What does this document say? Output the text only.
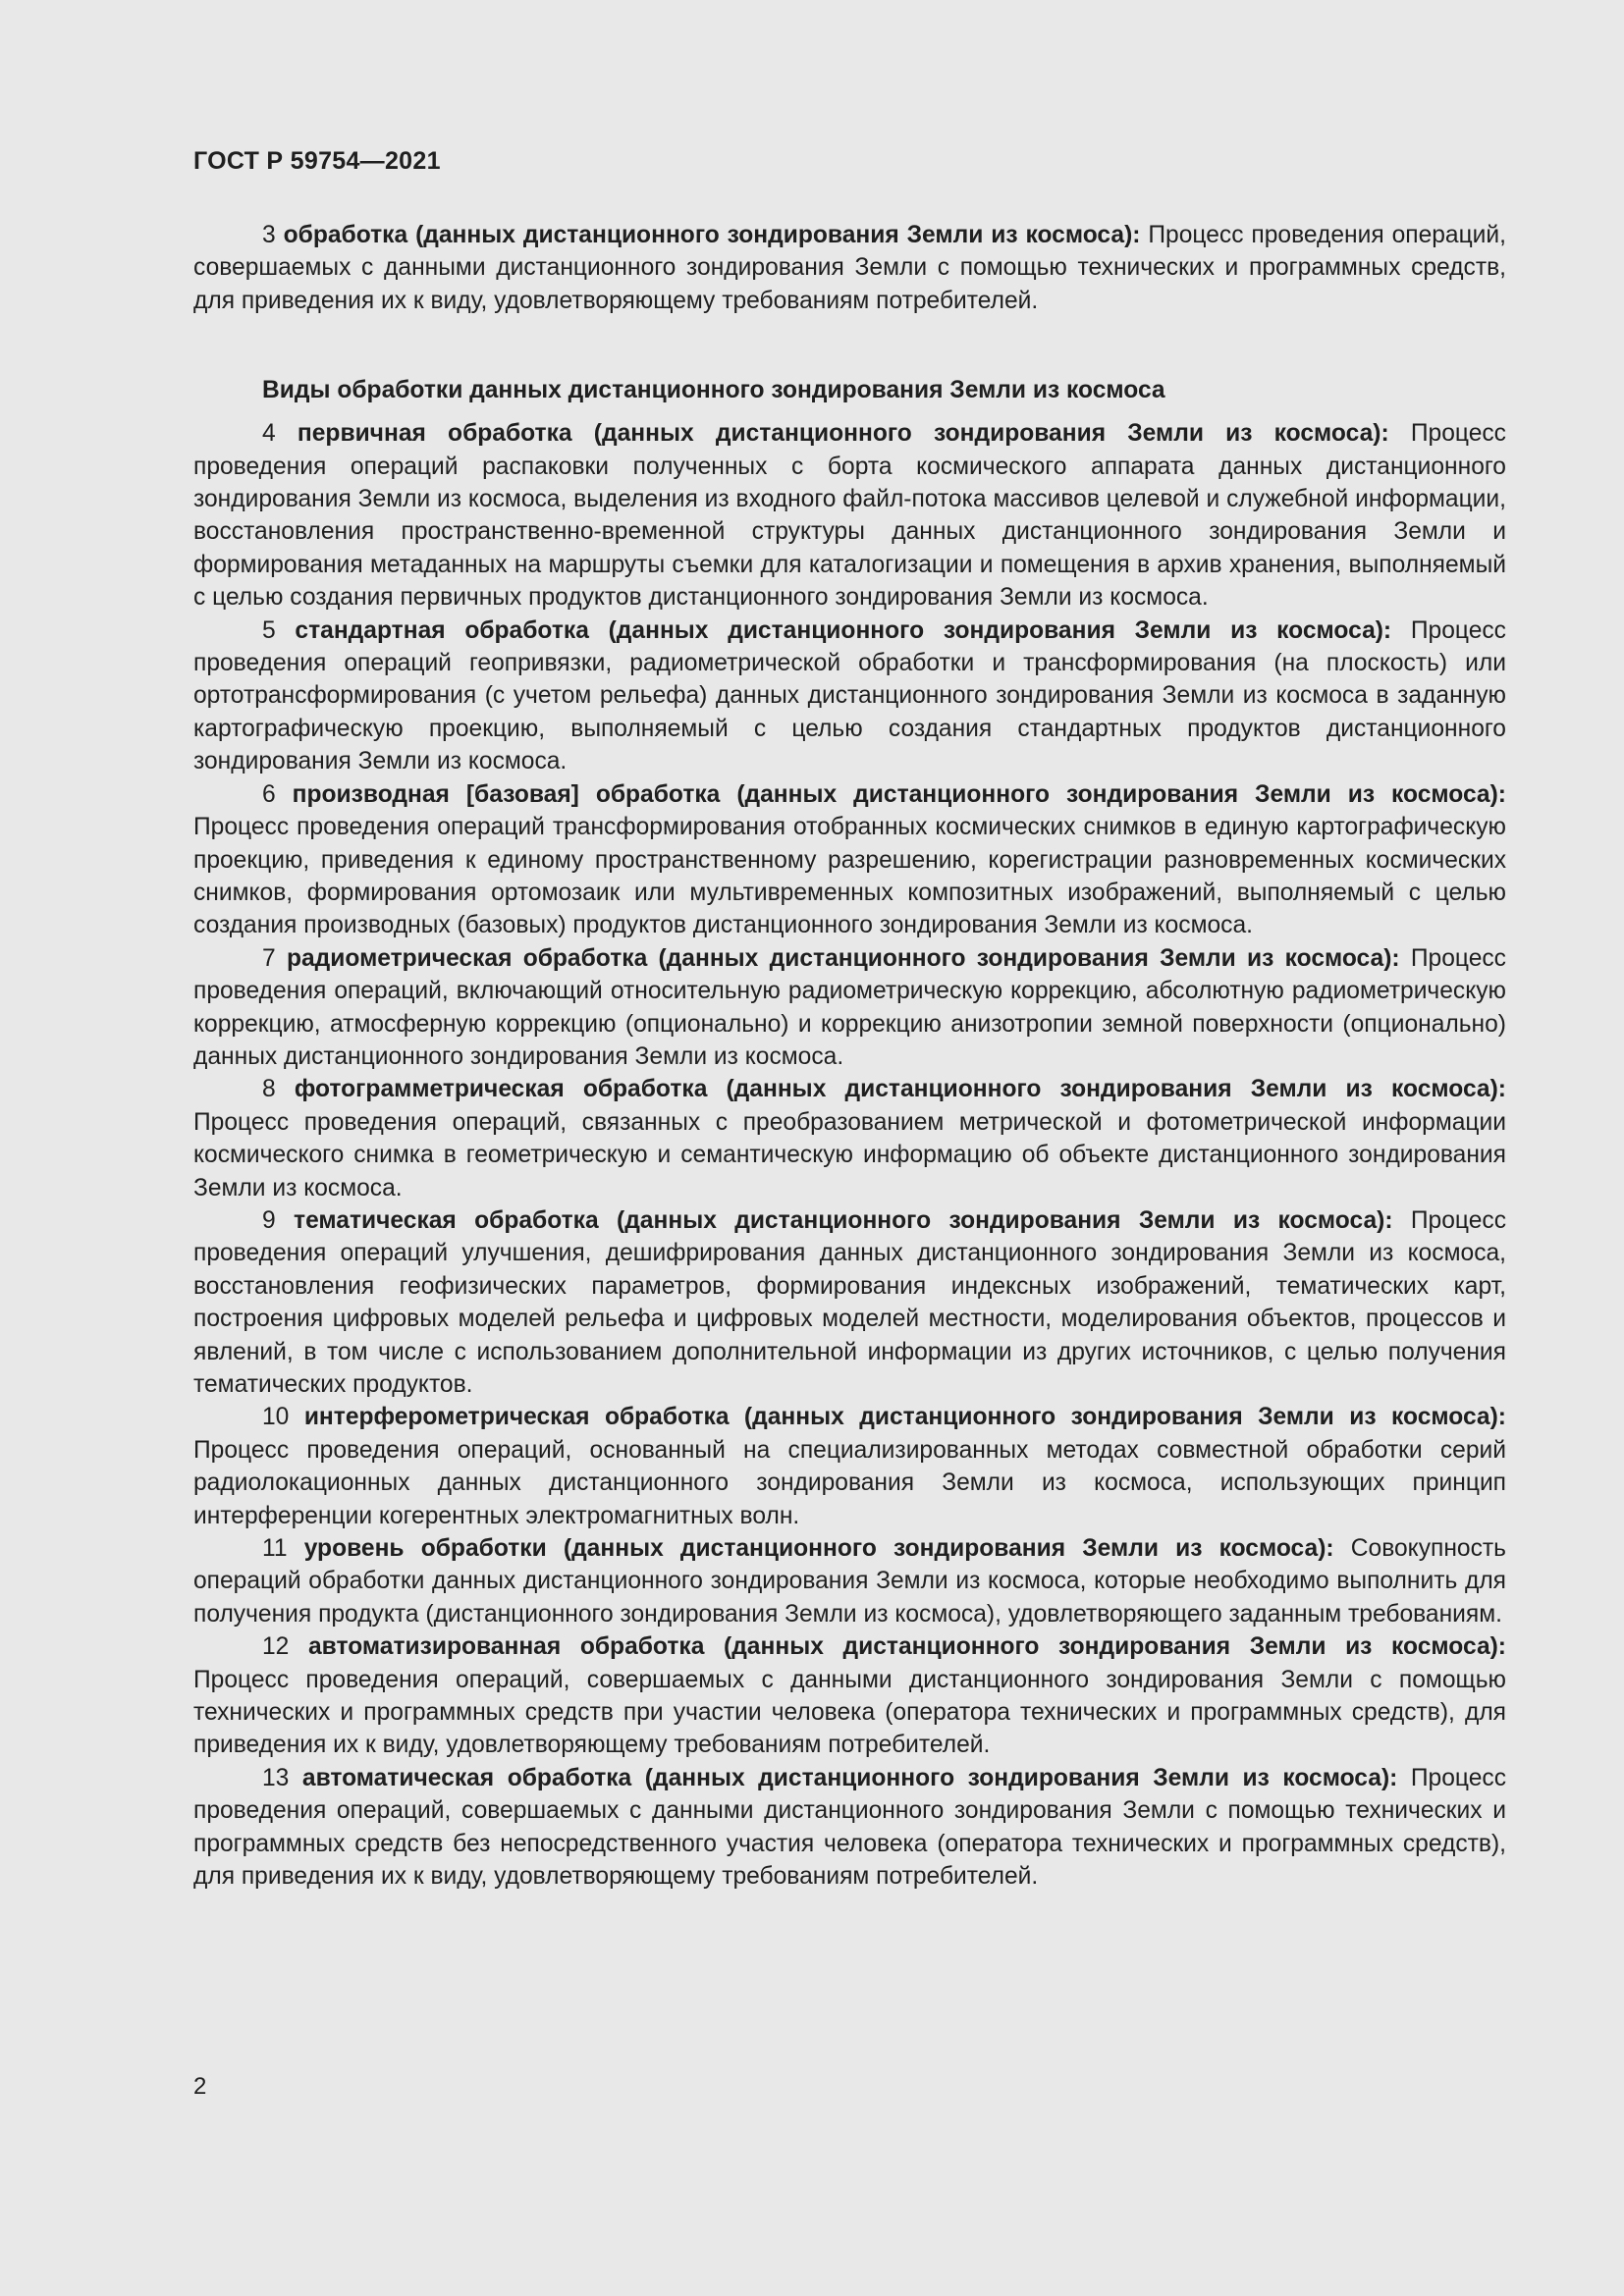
ГОСТ Р 59754—2021

3 обработка (данных дистанционного зондирования Земли из космоса): Процесс проведения операций, совершаемых с данными дистанционного зондирования Земли с помощью технических и программных средств, для приведения их к виду, удовлетворяющему требованиям потребителей.

Виды обработки данных дистанционного зондирования Земли из космоса

4 первичная обработка (данных дистанционного зондирования Земли из космоса): Процесс проведения операций распаковки полученных с борта космического аппарата данных дистанционного зондирования Земли из космоса, выделения из входного файл-потока массивов целевой и служебной информации, восстановления пространственно-временной структуры данных дистанционного зондирования Земли и формирования метаданных на маршруты съемки для каталогизации и помещения в архив хранения, выполняемый с целью создания первичных продуктов дистанционного зондирования Земли из космоса.

5 стандартная обработка (данных дистанционного зондирования Земли из космоса): Процесс проведения операций геопривязки, радиометрической обработки и трансформирования (на плоскость) или ортотрансформирования (с учетом рельефа) данных дистанционного зондирования Земли из космоса в заданную картографическую проекцию, выполняемый с целью создания стандартных продуктов дистанционного зондирования Земли из космоса.

6 производная [базовая] обработка (данных дистанционного зондирования Земли из космоса): Процесс проведения операций трансформирования отобранных космических снимков в единую картографическую проекцию, приведения к единому пространственному разрешению, корегистрации разновременных космических снимков, формирования ортомозаик или мультивременных композитных изображений, выполняемый с целью создания производных (базовых) продуктов дистанционного зондирования Земли из космоса.

7 радиометрическая обработка (данных дистанционного зондирования Земли из космоса): Процесс проведения операций, включающий относительную радиометрическую коррекцию, абсолютную радиометрическую коррекцию, атмосферную коррекцию (опционально) и коррекцию анизотропии земной поверхности (опционально) данных дистанционного зондирования Земли из космоса.

8 фотограмметрическая обработка (данных дистанционного зондирования Земли из космоса): Процесс проведения операций, связанных с преобразованием метрической и фотометрической информации космического снимка в геометрическую и семантическую информацию об объекте дистанционного зондирования Земли из космоса.

9 тематическая обработка (данных дистанционного зондирования Земли из космоса): Процесс проведения операций улучшения, дешифрирования данных дистанционного зондирования Земли из космоса, восстановления геофизических параметров, формирования индексных изображений, тематических карт, построения цифровых моделей рельефа и цифровых моделей местности, моделирования объектов, процессов и явлений, в том числе с использованием дополнительной информации из других источников, с целью получения тематических продуктов.

10 интерферометрическая обработка (данных дистанционного зондирования Земли из космоса): Процесс проведения операций, основанный на специализированных методах совместной обработки серий радиолокационных данных дистанционного зондирования Земли из космоса, использующих принцип интерференции когерентных электромагнитных волн.

11 уровень обработки (данных дистанционного зондирования Земли из космоса): Совокупность операций обработки данных дистанционного зондирования Земли из космоса, которые необходимо выполнить для получения продукта (дистанционного зондирования Земли из космоса), удовлетворяющего заданным требованиям.

12 автоматизированная обработка (данных дистанционного зондирования Земли из космоса): Процесс проведения операций, совершаемых с данными дистанционного зондирования Земли с помощью технических и программных средств при участии человека (оператора технических и программных средств), для приведения их к виду, удовлетворяющему требованиям потребителей.

13 автоматическая обработка (данных дистанционного зондирования Земли из космоса): Процесс проведения операций, совершаемых с данными дистанционного зондирования Земли с помощью технических и программных средств без непосредственного участия человека (оператора технических и программных средств), для приведения их к виду, удовлетворяющему требованиям потребителей.

2
